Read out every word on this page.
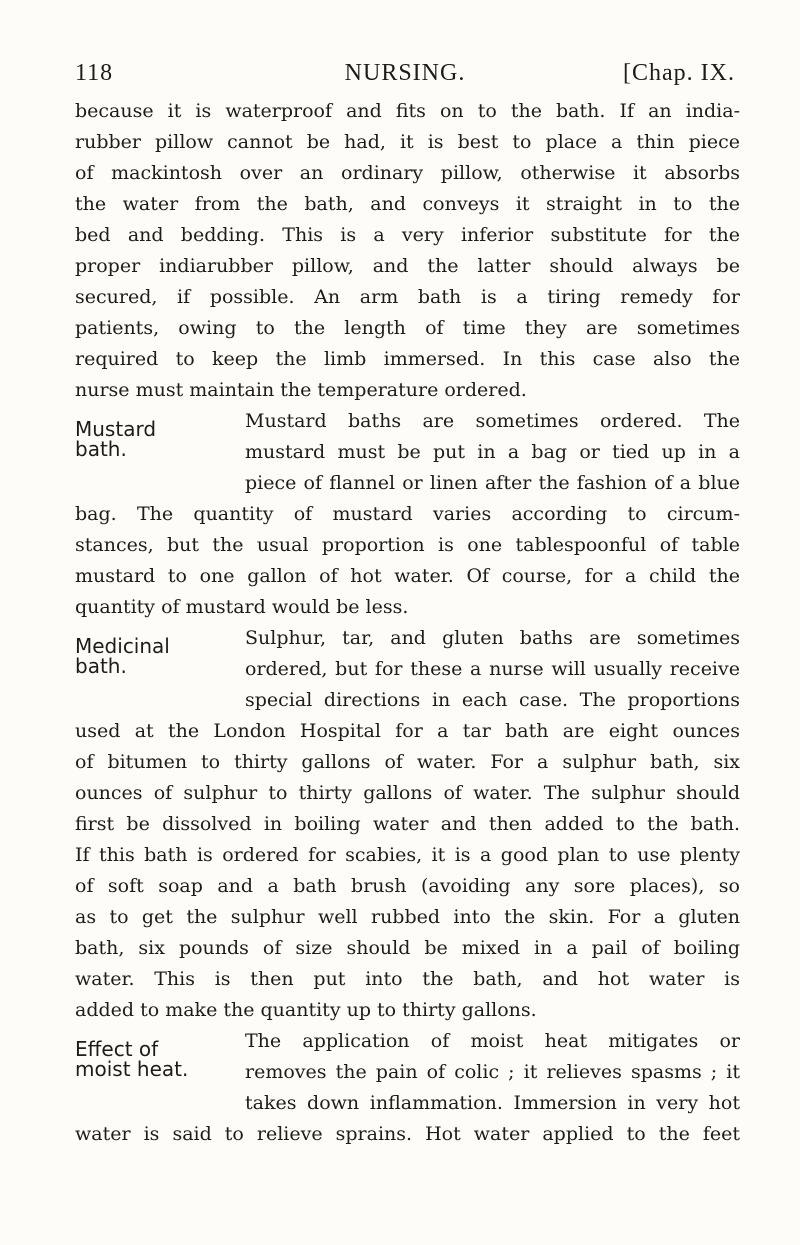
118	NURSING.	[Chap. IX.
because it is waterproof and fits on to the bath. If an india-
rubber pillow cannot be had, it is best to place a thin piece
of mackintosh over an ordinary pillow, otherwise it absorbs
the water from the bath, and conveys it straight in to the
bed and bedding. This is a very inferior substitute for the
proper indiarubber pillow, and the latter should always be
secured, if possible. An arm bath is a tiring remedy for
patients, owing to the length of time they are sometimes
required to keep the limb immersed. In this case also the
nurse must maintain the temperature ordered.
Mustard baths are sometimes ordered. The
mustard must be put in a bag or tied up in a
piece of flannel or linen after the fashion of a blue
bag. The quantity of mustard varies according to circum-
stances, but the usual proportion is one tablespoonful of table
mustard to one gallon of hot water. Of course, for a child the
quantity of mustard would be less.
Sulphur, tar, and gluten baths are sometimes
ordered, but for these a nurse will usually receive
special directions in each case. The proportions
used at the London Hospital for a tar bath are eight ounces
of bitumen to thirty gallons of water. For a sulphur bath, six
ounces of sulphur to thirty gallons of water. The sulphur should
first be dissolved in boiling water and then added to the bath.
If this bath is ordered for scabies, it is a good plan to use plenty
of soft soap and a bath brush (avoiding any sore places), so
as to get the sulphur well rubbed into the skin. For a gluten
bath, six pounds of size should be mixed in a pail of boiling
water. This is then put into the bath, and hot water is
added to make the quantity up to thirty gallons.
The application of moist heat mitigates or
removes the pain of colic ; it relieves spasms ; it
takes down inflammation. Immersion in very hot
water is said to relieve sprains. Hot water applied to the feet
Mustard
bath.
Medicinal
bath.
Effect of
moist heat.
